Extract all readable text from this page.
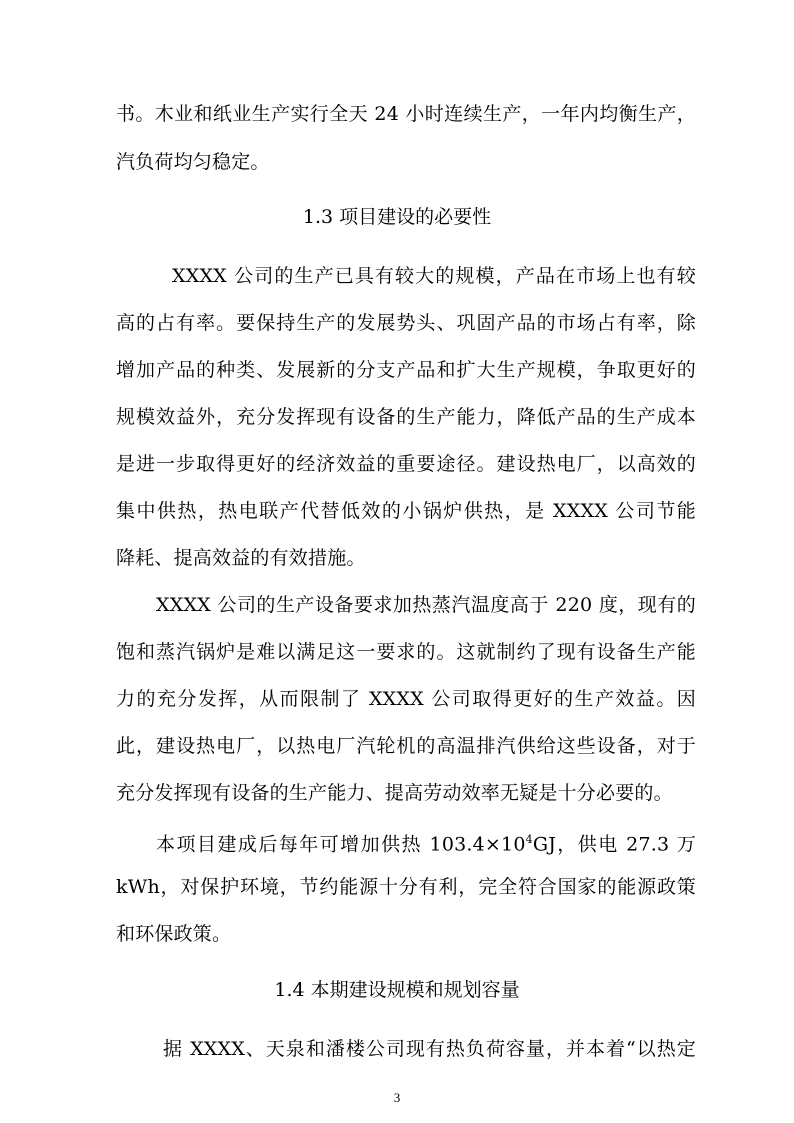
书。木业和纸业生产实行全天 24 小时连续生产，一年内均衡生产，
汽负荷均匀稳定。
1.3 项目建设的必要性
XXXX 公司的生产已具有较大的规模，产品在市场上也有较
高的占有率。要保持生产的发展势头、巩固产品的市场占有率，除
增加产品的种类、发展新的分支产品和扩大生产规模，争取更好的
规模效益外，充分发挥现有设备的生产能力，降低产品的生产成本
是进一步取得更好的经济效益的重要途径。建设热电厂，以高效的
集中供热，热电联产代替低效的小锅炉供热，是 XXXX 公司节能
降耗、提高效益的有效措施。
XXXX 公司的生产设备要求加热蒸汽温度高于 220 度，现有的
饱和蒸汽锅炉是难以满足这一要求的。这就制约了现有设备生产能
力的充分发挥，从而限制了 XXXX 公司取得更好的生产效益。因
此，建设热电厂，以热电厂汽轮机的高温排汽供给这些设备，对于
充分发挥现有设备的生产能力、提高劳动效率无疑是十分必要的。
本项目建成后每年可增加供热 $103.4\times 10^4GJ$，供电 27.3 万
kWh，对保护环境，节约能源十分有利，完全符合国家的能源政策
和环保政策。
1.4 本期建设规模和规划容量
据 XXXX、天泉和潘楼公司现有热负荷容量，并本着“以热定
3
